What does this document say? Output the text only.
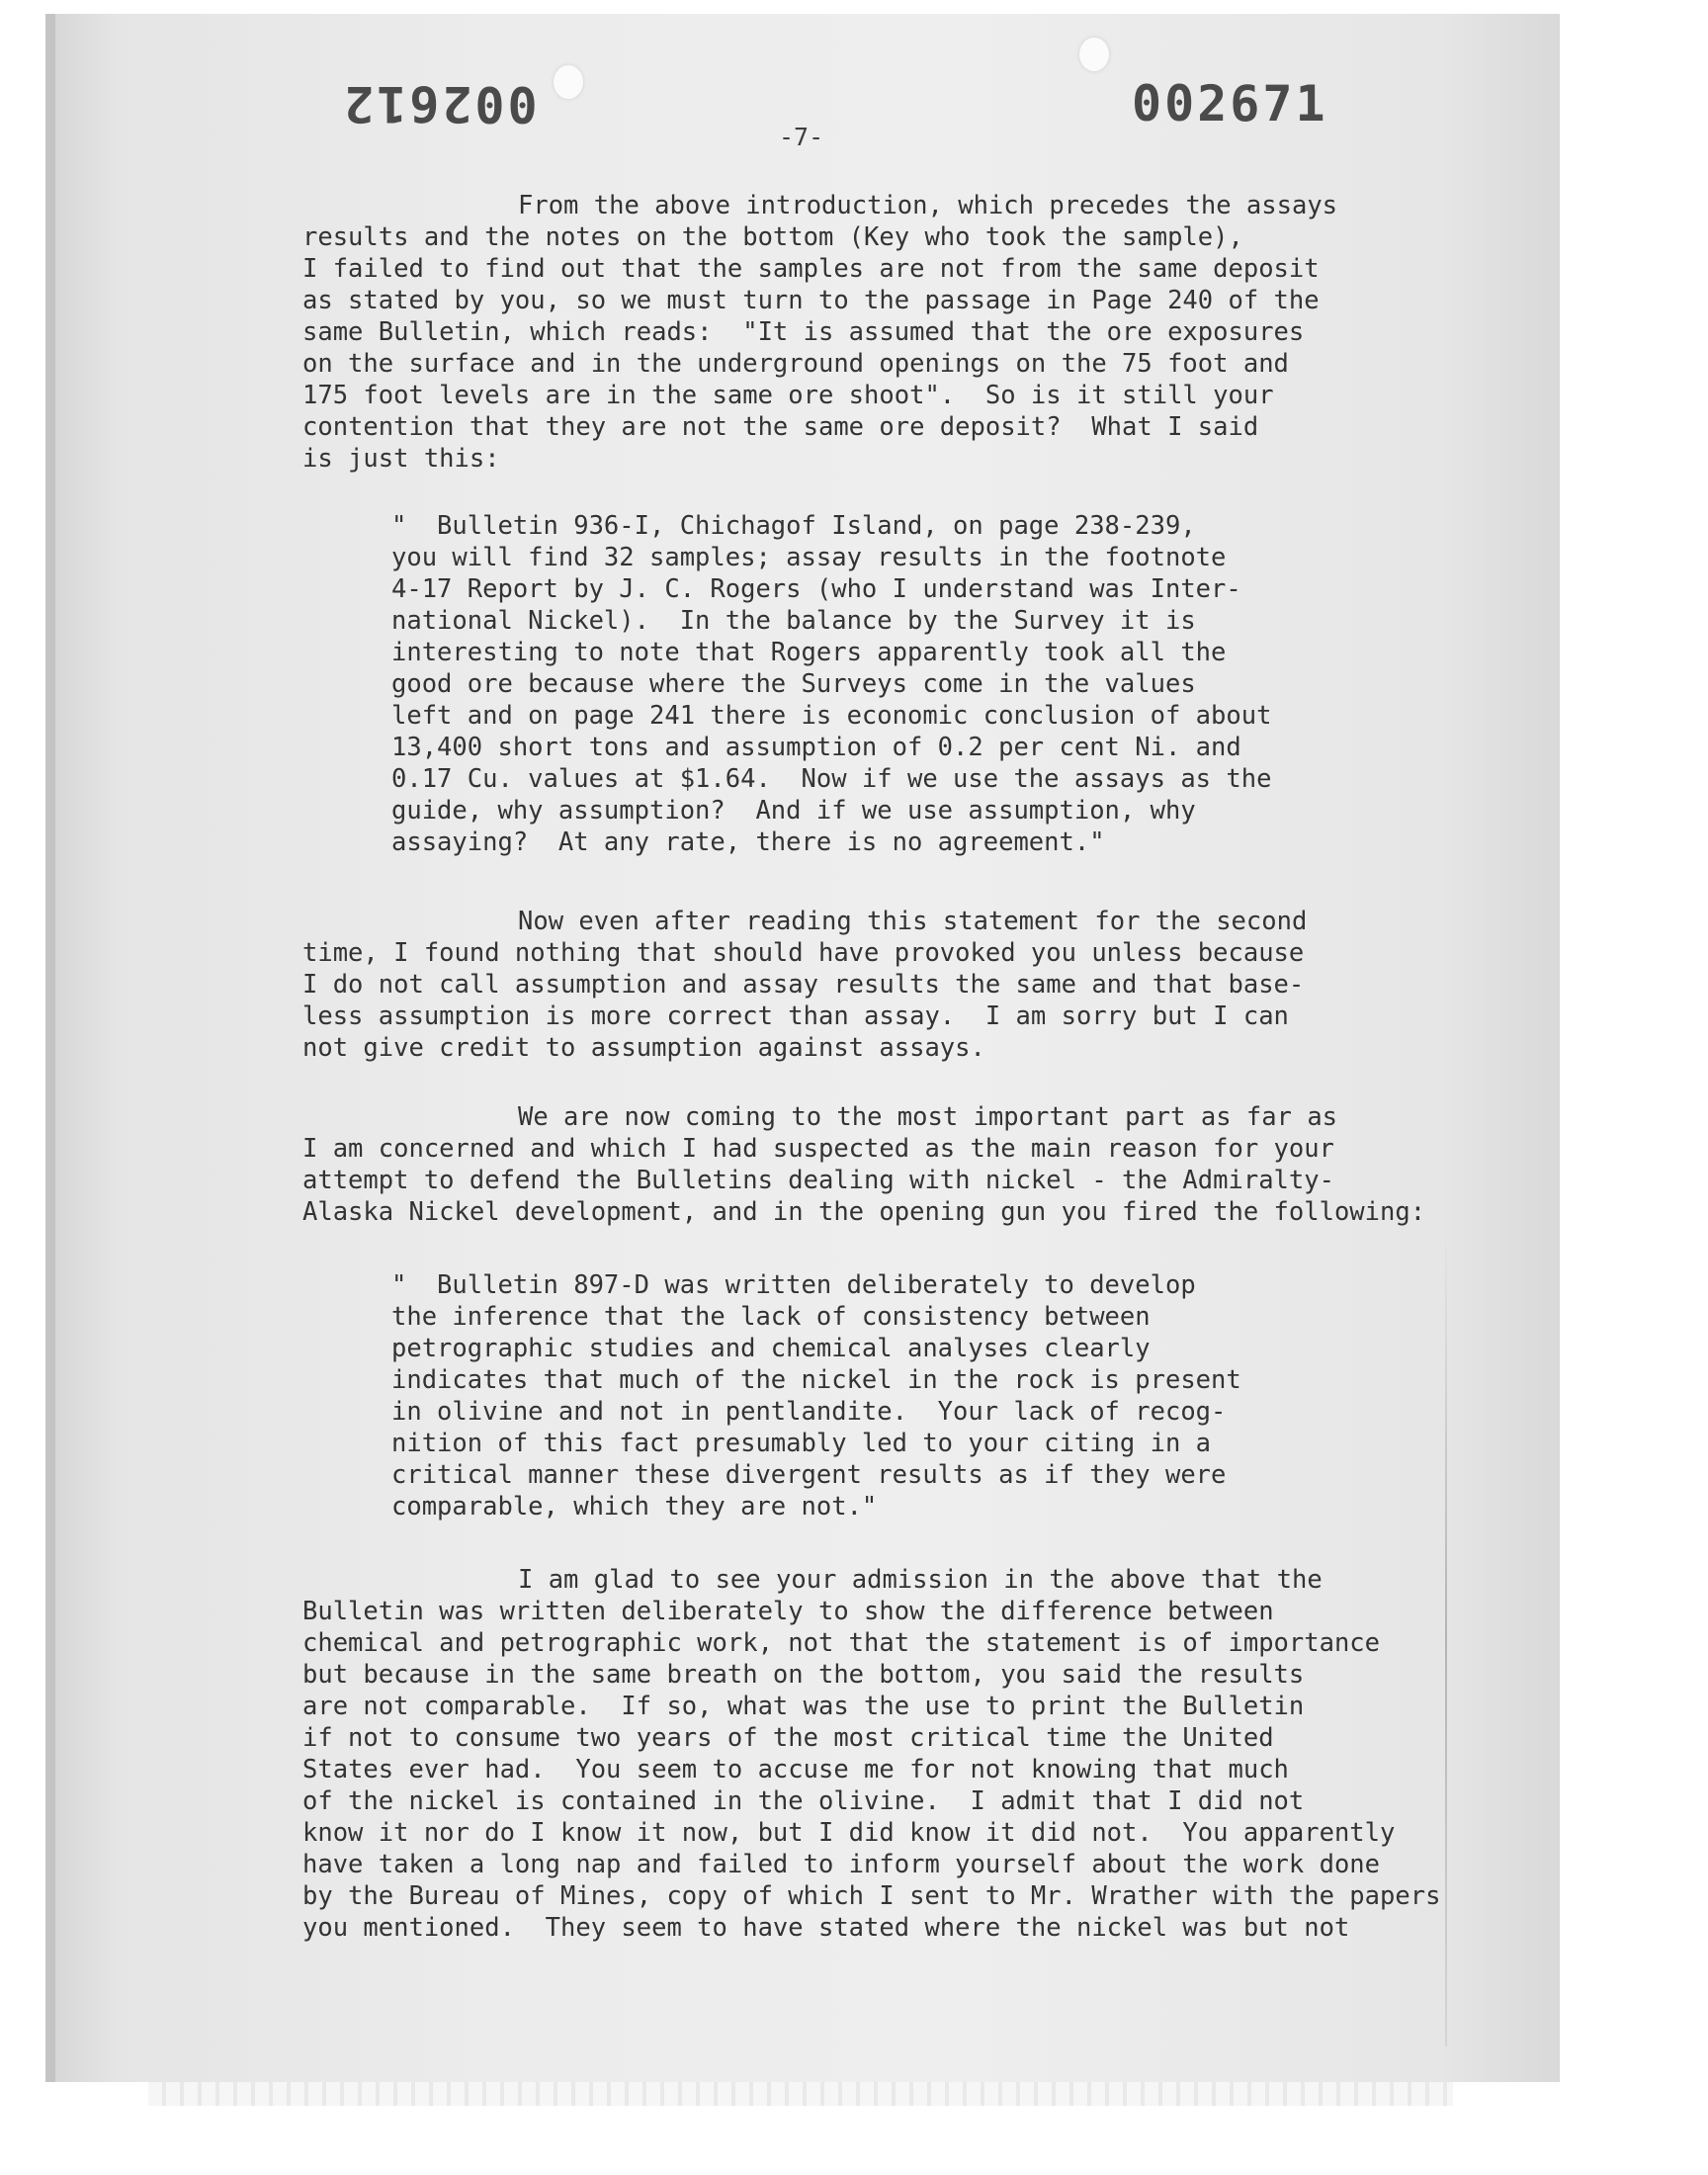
002612	002671
-7-
From the above introduction, which precedes the assays
results and the notes on the bottom (Key who took the sample),
I failed to find out that the samples are not from the same deposit
as stated by you, so we must turn to the passage in Page 240 of the
same Bulletin, which reads:  "It is assumed that the ore exposures
on the surface and in the underground openings on the 75 foot and
175 foot levels are in the same ore shoot".  So is it still your
contention that they are not the same ore deposit?  What I said
is just this:
"  Bulletin 936-I, Chichagof Island, on page 238-239,
you will find 32 samples; assay results in the footnote
4-17 Report by J. C. Rogers (who I understand was Inter-
national Nickel).  In the balance by the Survey it is
interesting to note that Rogers apparently took all the
good ore because where the Surveys come in the values
left and on page 241 there is economic conclusion of about
13,400 short tons and assumption of 0.2 per cent Ni. and
0.17 Cu. values at $1.64.  Now if we use the assays as the
guide, why assumption?  And if we use assumption, why
assaying?  At any rate, there is no agreement."
Now even after reading this statement for the second
time, I found nothing that should have provoked you unless because
I do not call assumption and assay results the same and that base-
less assumption is more correct than assay.  I am sorry but I can
not give credit to assumption against assays.
We are now coming to the most important part as far as
I am concerned and which I had suspected as the main reason for your
attempt to defend the Bulletins dealing with nickel - the Admiralty-
Alaska Nickel development, and in the opening gun you fired the following:
"  Bulletin 897-D was written deliberately to develop
the inference that the lack of consistency between
petrographic studies and chemical analyses clearly
indicates that much of the nickel in the rock is present
in olivine and not in pentlandite.  Your lack of recog-
nition of this fact presumably led to your citing in a
critical manner these divergent results as if they were
comparable, which they are not."
I am glad to see your admission in the above that the
Bulletin was written deliberately to show the difference between
chemical and petrographic work, not that the statement is of importance
but because in the same breath on the bottom, you said the results
are not comparable.  If so, what was the use to print the Bulletin
if not to consume two years of the most critical time the United
States ever had.  You seem to accuse me for not knowing that much
of the nickel is contained in the olivine.  I admit that I did not
know it nor do I know it now, but I did know it did not.  You apparently
have taken a long nap and failed to inform yourself about the work done
by the Bureau of Mines, copy of which I sent to Mr. Wrather with the papers
you mentioned.  They seem to have stated where the nickel was but not
